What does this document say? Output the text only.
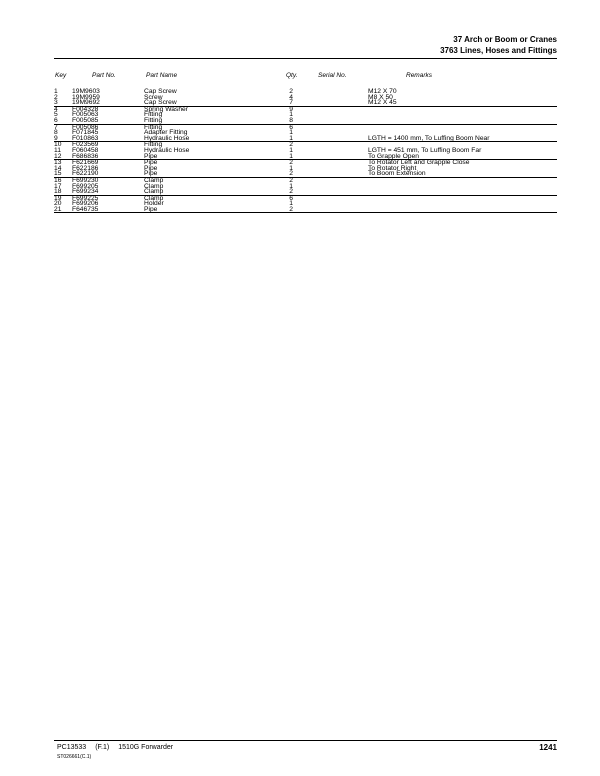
37 Arch or Boom or Cranes
3763 Lines, Hoses and Fittings
Key	Part No.	Part Name	Qty.	Serial No.	Remarks
1 19M9603	Cap Screw	2	M12 X 70
2 19M9959	Screw	4	M8 X 50
3 19M9692	Cap Screw	7	M12 X 45
4 F004328	Spring Washer	9
5 F005063	Fitting	1
6 F005085	Fitting	8
7 F005086	Fitting	6
8 F071845	Adapter Fitting	1
9 F010863	Hydraulic Hose	1	LGTH = 1400 mm, To Luffing Boom Near
10 F023569	Fitting	2
11 F060458	Hydraulic Hose	1	LGTH = 451 mm, To Luffing Boom Far
12 F686836	Pipe	1	To Grapple Open
13 F621669	Pipe	2	To Rotator Left and Grapple Close
14 F622186	Pipe	1	To Rotator Right
15 F622190	Pipe	2	To Boom Extension
16 F699230	Clamp	2
17 F699205	Clamp	1
18 F699234	Clamp	2
19 F699225	Clamp	6
20 F699206	Holder	1
21 F646735	Pipe	2
PC13533 (F.1) 1510G Forwarder
ST026661(C.1)
1241
